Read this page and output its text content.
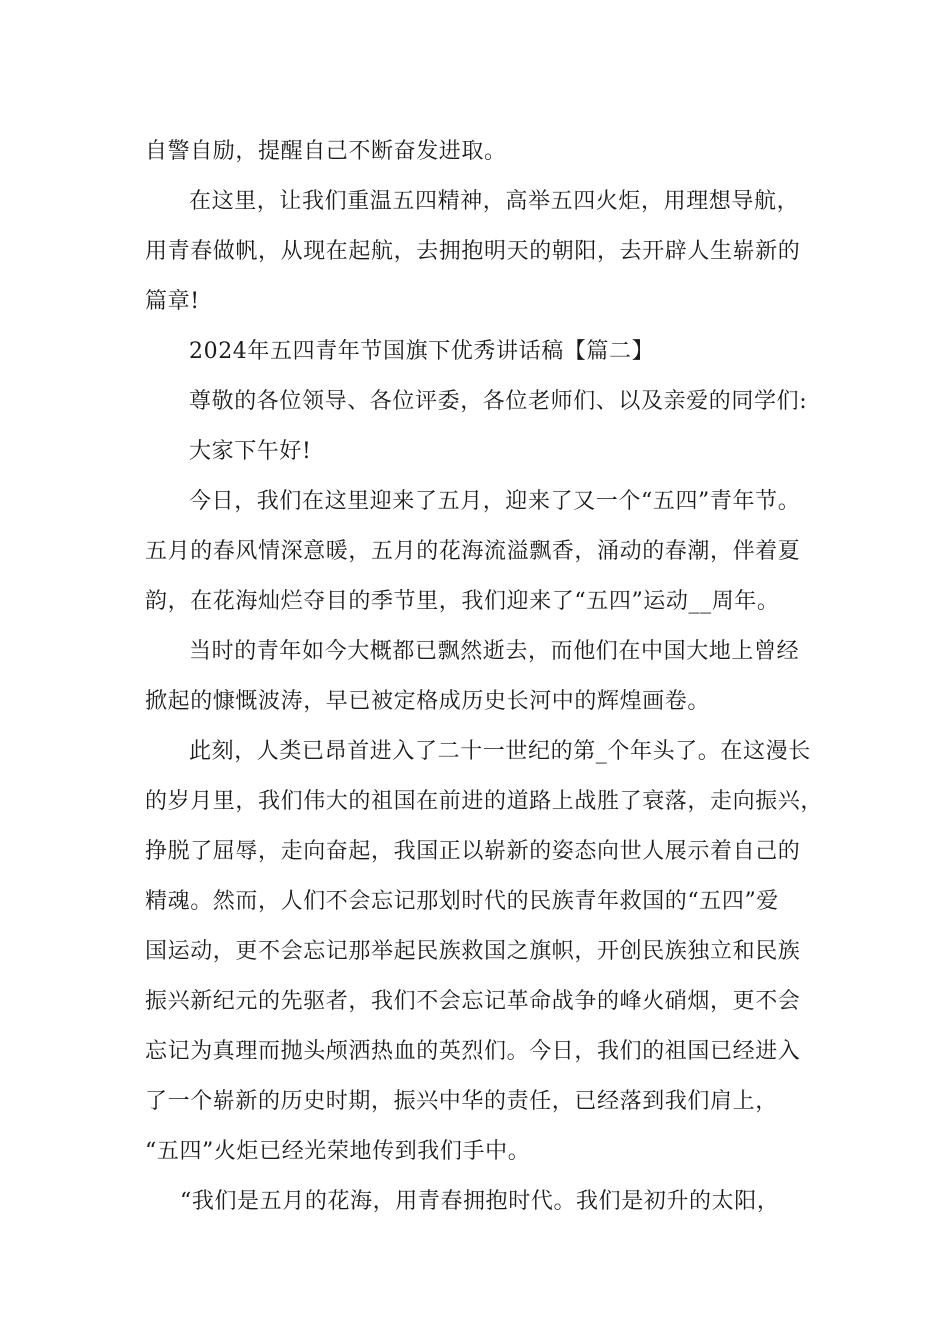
自警自励，提醒自己不断奋发进取。
在这里，让我们重温五四精神，高举五四火炬，用理想导航，
用青春做帆，从现在起航，去拥抱明天的朝阳，去开辟人生崭新的
篇章!
2024年五四青年节国旗下优秀讲话稿【篇二】
尊敬的各位领导、各位评委，各位老师们、以及亲爱的同学们:
大家下午好!
今日，我们在这里迎来了五月，迎来了又一个“五四”青年节。
五月的春风情深意暖，五月的花海流溢飘香，涌动的春潮，伴着夏
韵，在花海灿烂夺目的季节里，我们迎来了“五四”运动__周年。
当时的青年如今大概都已飘然逝去，而他们在中国大地上曾经
掀起的慷慨波涛，早已被定格成历史长河中的辉煌画卷。
此刻，人类已昂首进入了二十一世纪的第_个年头了。在这漫长
的岁月里，我们伟大的祖国在前进的道路上战胜了衰落，走向振兴，
挣脱了屈辱，走向奋起，我国正以崭新的姿态向世人展示着自己的
精魂。然而，人们不会忘记那划时代的民族青年救国的“五四”爱
国运动，更不会忘记那举起民族救国之旗帜，开创民族独立和民族
振兴新纪元的先驱者，我们不会忘记革命战争的峰火硝烟，更不会
忘记为真理而抛头颅洒热血的英烈们。今日，我们的祖国已经进入
了一个崭新的历史时期，振兴中华的责任，已经落到我们肩上，
“五四”火炬已经光荣地传到我们手中。
“我们是五月的花海，用青春拥抱时代。我们是初升的太阳，
